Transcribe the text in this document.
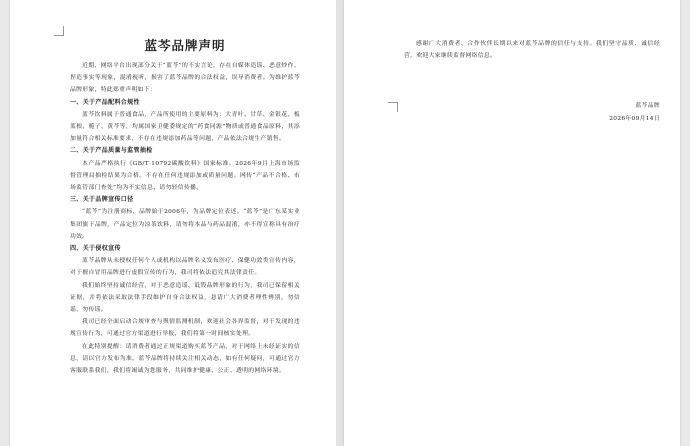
蓝芩品牌声明

近期，网络平台出现部分关于“蓝芩”的不实言论，存在自媒体造谣、恶意炒作、捏造事实等现象，混淆视听，损害了蓝芩品牌的合法权益，误导消费者。为维护蓝芩品牌形象，特此郑重声明如下：

一、关于产品配料合规性

蓝芩饮料属于普通食品，产品所使用的主要原料为：大青叶、甘草、金银花、板蓝根、栀子、黄芩等，均属国家卫健委规定的“药食同源”物质或普通食品原料，其添加量符合相关标准要求，不存在违规添加药品等问题，产品依法合规生产销售。

二、关于产品质量与监管抽检

本产品严格执行《GB/T 10792碳酸饮料》国家标准。2026年9月上海市场监督管理局抽检结果为合格。不存在任何违规添加或质量问题。网传“产品不合格、市场监管部门查处”均为不实信息，请勿轻信传播。

三、关于品牌宣传口径

“蓝芩”为注册商标，品牌始于2006年，为品牌定位表述。“蓝芩”是广东某实业集团旗下品牌，产品定位为凉茶饮料，请勿将本品与药品混淆，亦不得宣称具有治疗功效。

四、关于侵权宣传

蓝芩品牌从未授权任何个人或机构以品牌名义发布医疗、保健功效类宣传内容，对于擅自冒用品牌进行虚假宣传的行为，我司将依法追究其法律责任。

我们始终坚持诚信经营，对于恶意造谣、诋毁品牌形象的行为，我司已保留相关证据，并将依法采取法律手段维护自身合法权益，恳请广大消费者理性辨别，勿信谣、勿传谣。

我司已经全面启动合规审查与舆情监测机制，欢迎社会各界监督，对于发现的违规宣传行为，可通过官方渠道进行举报，我们将第一时间核实处理。

在此特别提醒：请消费者通过正规渠道购买蓝芩产品，对于网络上未经证实的信息，请以官方发布为准。蓝芩品牌将持续关注相关动态，如有任何疑问，可通过官方客服联系我们，我们将竭诚为您服务，共同维护健康、公正、透明的网络环境。

感谢广大消费者、合作伙伴长期以来对蓝芩品牌的信任与支持。我们坚守品质、诚信经营，欢迎大家继续监督网络信息。

蓝芩品牌

2026年09月14日
